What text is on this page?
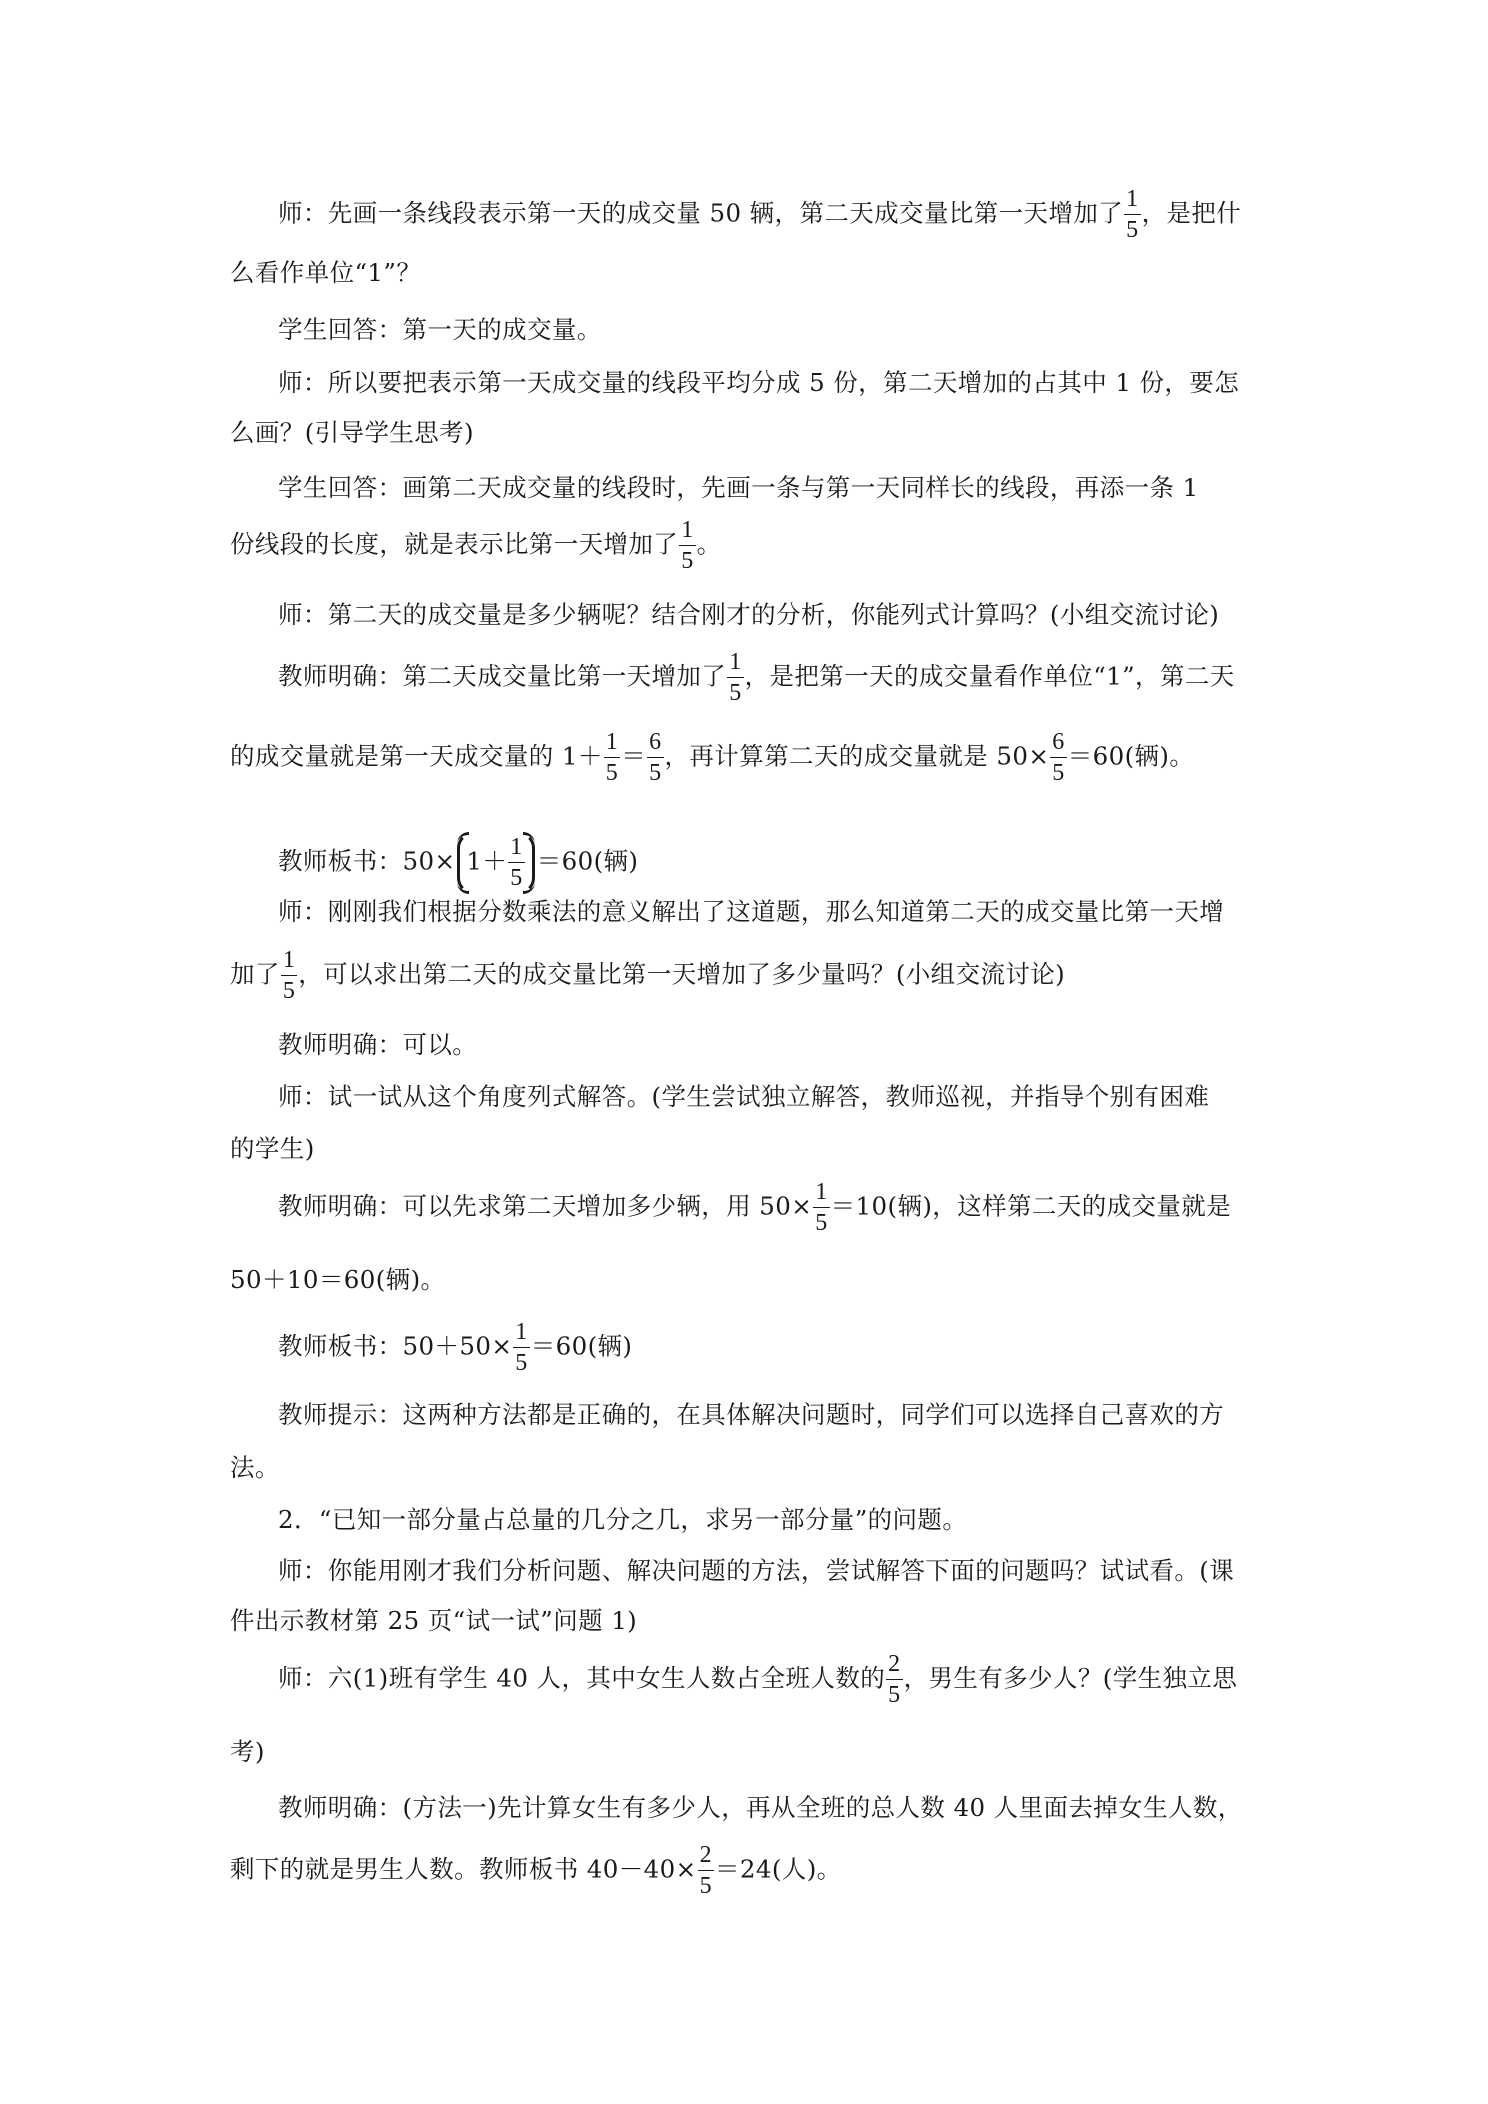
师：先画一条线段表示第一天的成交量 50 辆，第二天成交量比第一天增加了 $\frac{1}{5}$ ，是把什
么看作单位“1”？
学生回答：第一天的成交量。
师：所以要把表示第一天成交量的线段平均分成 5 份，第二天增加的占其中 1 份，要怎
么画？(引导学生思考)
学生回答：画第二天成交量的线段时，先画一条与第一天同样长的线段，再添一条 1
份线段的长度，就是表示比第一天增加了 $\frac{1}{5}$ 。
师：第二天的成交量是多少辆呢？结合刚才的分析，你能列式计算吗？(小组交流讨论)
教师明确：第二天成交量比第一天增加了 $\frac{1}{5}$ ，是把第一天的成交量看作单位“1”，第二天
的成交量就是第一天成交量的 $1+ \frac{1}{5} = \frac{6}{5}$ ，再计算第二天的成交量就是 $50\times \frac{6}{5} =60$(辆)。
教师板书：$50\times 1+ \frac{1}{5} =60$(辆)
师：刚刚我们根据分数乘法的意义解出了这道题，那么知道第二天的成交量比第一天增
加了 $\frac{1}{5}$ ，可以求出第二天的成交量比第一天增加了多少量吗？(小组交流讨论)
教师明确：可以。
师：试一试从这个角度列式解答。(学生尝试独立解答，教师巡视，并指导个别有困难
的学生)
教师明确：可以先求第二天增加多少辆，用 $50\times \frac{1}{5} =10$(辆)，这样第二天的成交量就是
50＋10＝60(辆)。
教师板书：$50+50\times \frac{1}{5} =60$(辆)
教师提示：这两种方法都是正确的，在具体解决问题时，同学们可以选择自己喜欢的方
法。
2．“已知一部分量占总量的几分之几，求另一部分量”的问题。
师：你能用刚才我们分析问题、解决问题的方法，尝试解答下面的问题吗？试试看。(课
件出示教材第 25 页“试一试”问题 1)
师：六(1)班有学生 40 人，其中女生人数占全班人数的 $\frac{2}{5}$ ，男生有多少人？(学生独立思
考)
教师明确：(方法一)先计算女生有多少人，再从全班的总人数 40 人里面去掉女生人数，
剩下的就是男生人数。教师板书 $40-40\times \frac{2}{5} =24$(人)。
